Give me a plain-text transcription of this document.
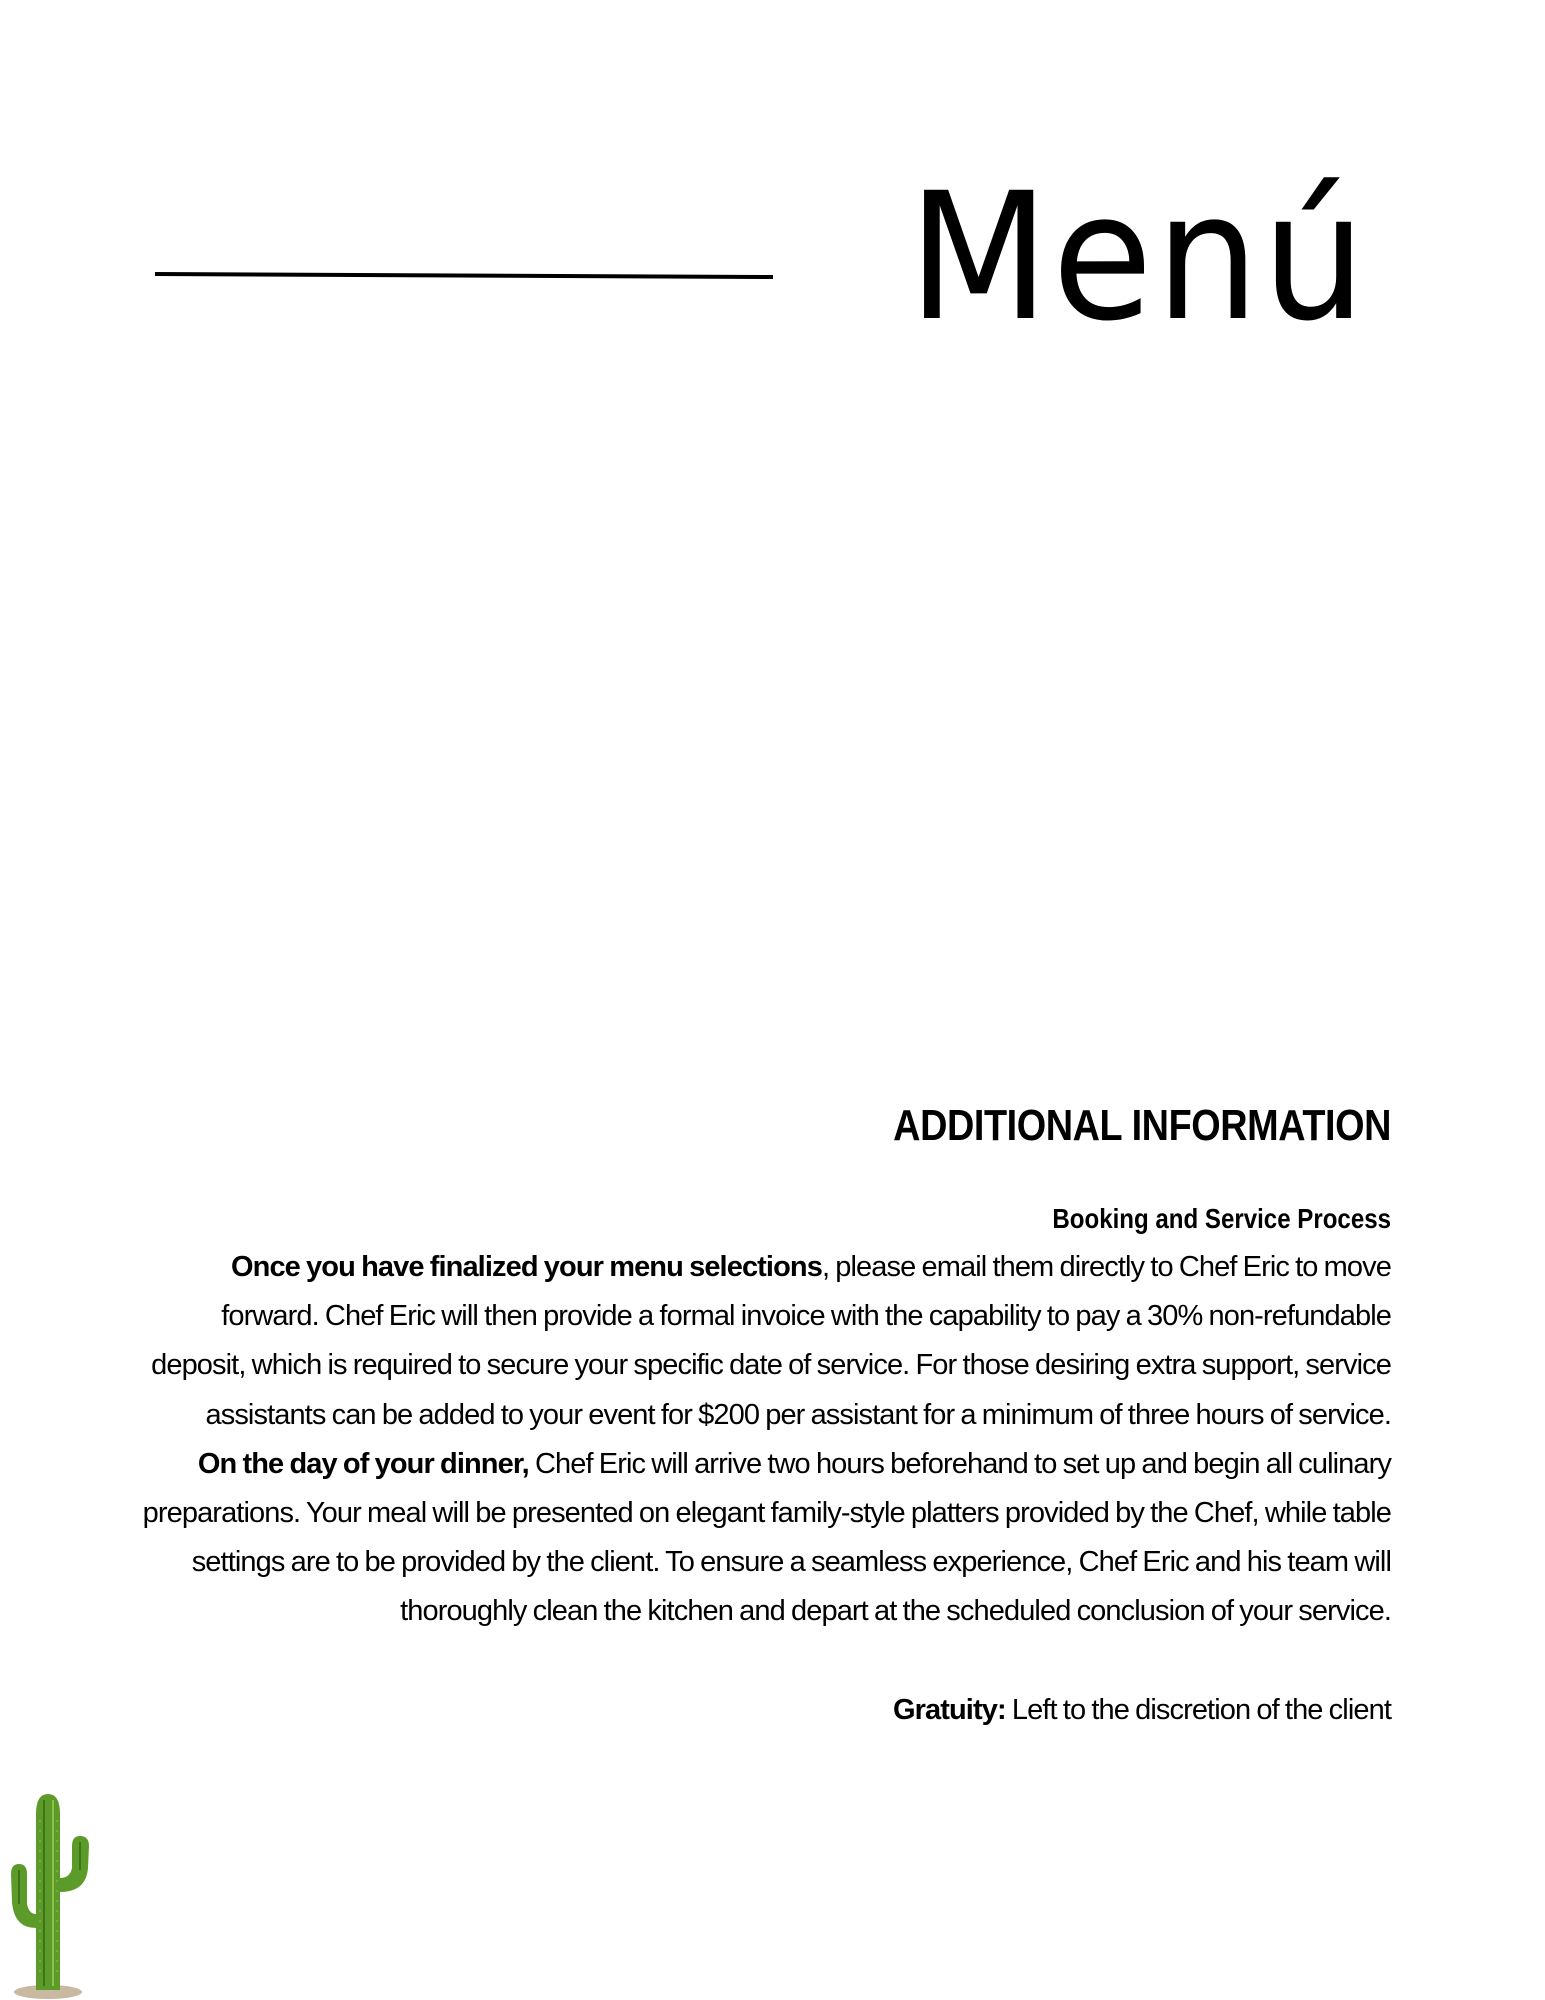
Menú
ADDITIONAL INFORMATION
Booking and Service Process

Once you have finalized your menu selections, please email them directly to Chef Eric to move forward. Chef Eric will then provide a formal invoice with the capability to pay a 30% non-refundable deposit, which is required to secure your specific date of service. For those desiring extra support, service assistants can be added to your event for $200 per assistant for a minimum of three hours of service.

On the day of your dinner, Chef Eric will arrive two hours beforehand to set up and begin all culinary preparations. Your meal will be presented on elegant family-style platters provided by the Chef, while table settings are to be provided by the client. To ensure a seamless experience, Chef Eric and his team will thoroughly clean the kitchen and depart at the scheduled conclusion of your service.

Gratuity: Left to the discretion of the client
